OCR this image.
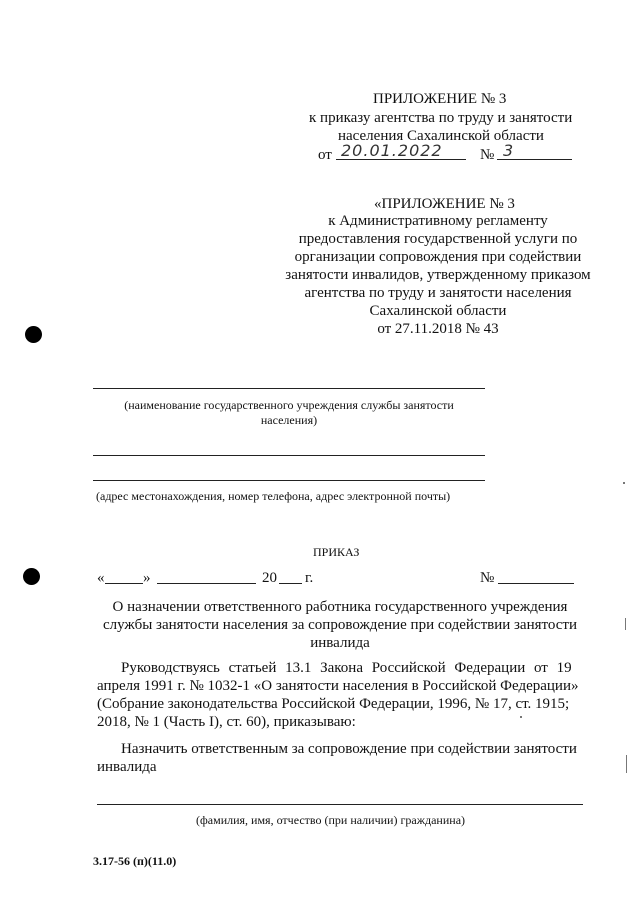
ПРИЛОЖЕНИЕ № 3
к приказу агентства по труду и занятости
населения Сахалинской области
от 20.01.2022 № 3
«ПРИЛОЖЕНИЕ № 3
к Административному регламенту
предоставления государственной услуги по
организации сопровождения при содействии
занятости инвалидов, утвержденному приказом
агентства по труду и занятости населения
Сахалинской области
от 27.11.2018 № 43
(наименование государственного учреждения службы занятости
населения)
(адрес местонахождения, номер телефона, адрес электронной почты)
ПРИКАЗ
«	»	20 г.	№
О назначении ответственного работника государственного учреждения
службы занятости населения за сопровождение при содействии занятости
инвалида
Руководствуясь статьей 13.1 Закона Российской Федерации от 19
апреля 1991 г. № 1032-1 «О занятости населения в Российской Федерации»
(Собрание законодательства Российской Федерации, 1996, № 17, ст. 1915;
2018, № 1 (Часть I), ст. 60), приказываю:
Назначить ответственным за сопровождение при содействии занятости
инвалида
(фамилия, имя, отчество (при наличии) гражданина)
3.17-56 (п)(11.0)
